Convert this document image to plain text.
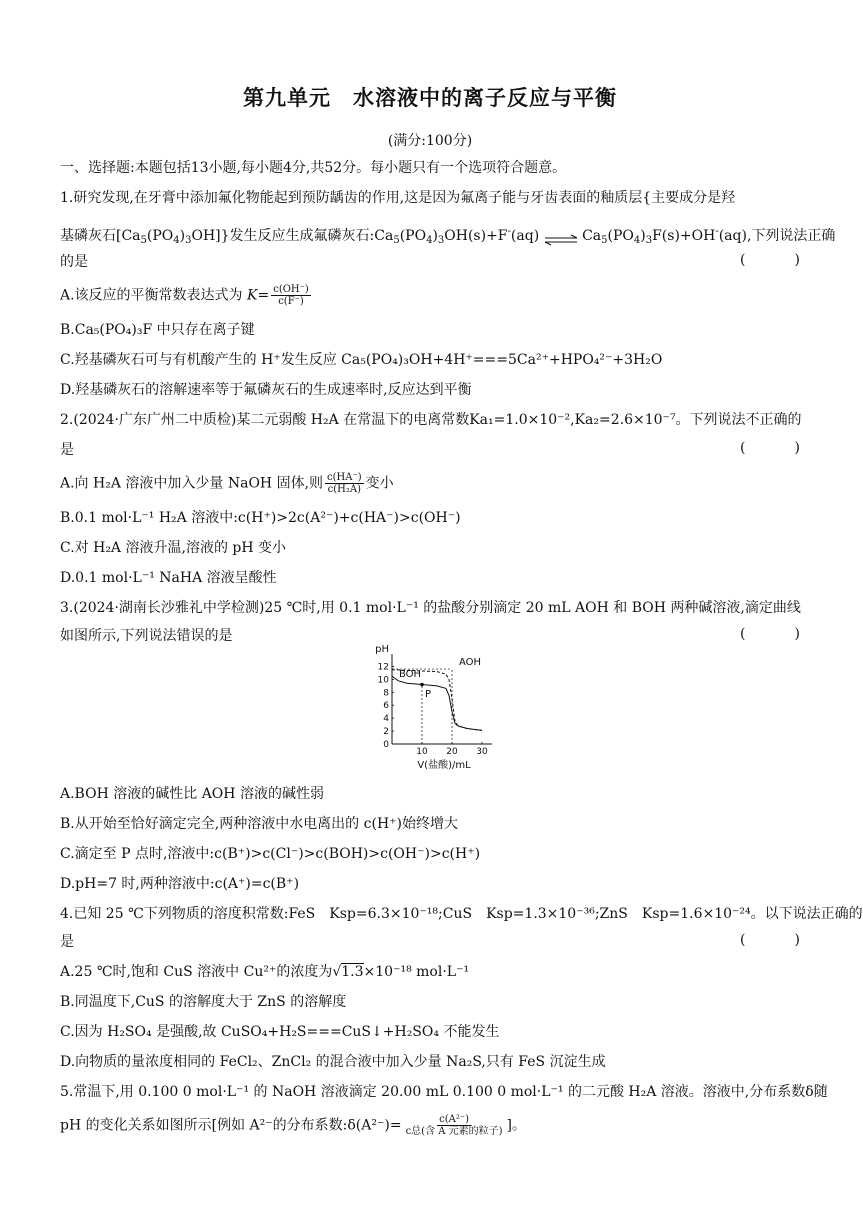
第九单元　水溶液中的离子反应与平衡
(满分:100分)
一、选择题:本题包括13小题,每小题4分,共52分。每小题只有一个选项符合题意。
1.研究发现,在牙膏中添加氟化物能起到预防龋齿的作用,这是因为氟离子能与牙齿表面的釉质层{主要成分是羟
基磷灰石$[Ca_5(PO_4)_3OH]$}发生反应生成氟磷灰石$:Ca_5(PO_4)_3OH(s)+F^-(aq)$ ⇌ $Ca_5(PO_4)_3F(s)+OH^-(aq)$,下列说法正确
的是	(	)
A.该反应的平衡常数表达式为 $K= \frac{c(OH^-)}{c(F^-)}$
B.Ca₅(PO₄)₃F 中只存在离子键
C.羟基磷灰石可与有机酸产生的 H⁺发生反应 Ca₅(PO₄)₃OH+4H⁺===5Ca²⁺+HPO₄²⁻+3H₂O
D.羟基磷灰石的溶解速率等于氟磷灰石的生成速率时,反应达到平衡
2.(2024·广东广州二中质检)某二元弱酸 H₂A 在常温下的电离常数Ka₁=1.0×10⁻²,Ka₂=2.6×10⁻⁷。下列说法不正确的
是	(	)
A.向 H₂A 溶液中加入少量 NaOH 固体,则 $\frac{c(HA^-)}{\text{c(H₂A)}}$ 变小
B.0.1 mol·L⁻¹ H₂A 溶液中:c(H⁺)>2c(A²⁻)+c(HA⁻)>c(OH⁻)
C.对 H₂A 溶液升温,溶液的 pH 变小
D.0.1 mol·L⁻¹ NaHA 溶液呈酸性
3.(2024·湖南长沙雅礼中学检测)25 ℃时,用 0.1 mol·L⁻¹ 的盐酸分别滴定 20 mL AOH 和 BOH 两种碱溶液,滴定曲线
如图所示,下列说法错误的是	(	)
pH
0
2
4
6
8
10
12
10 20 30
V(盐酸)/mL
AOH
BOH
P
A.BOH 溶液的碱性比 AOH 溶液的碱性弱
B.从开始至恰好滴定完全,两种溶液中水电离出的 c(H⁺)始终增大
C.滴定至 P 点时,溶液中:c(B⁺)>c(Cl⁻)>c(BOH)>c(OH⁻)>c(H⁺)
D.pH=7 时,两种溶液中:c(A⁺)=c(B⁺)
4.已知 25 ℃下列物质的溶度积常数:FeS　Ksp=6.3×10⁻¹⁸;CuS　Ksp=1.3×10⁻³⁶;ZnS　Ksp=1.6×10⁻²⁴。以下说法正确的
是	(	)
A.25 ℃时,饱和 CuS 溶液中 Cu²⁺的浓度为√1.3×10⁻¹⁸ mol·L⁻¹
B.同温度下,CuS 的溶解度大于 ZnS 的溶解度
C.因为 H₂SO₄ 是强酸,故 CuSO₄+H₂S===CuS↓+H₂SO₄ 不能发生
D.向物质的量浓度相同的 FeCl₂、ZnCl₂ 的混合液中加入少量 Na₂S,只有 FeS 沉淀生成
5.常温下,用 0.100 0 mol·L⁻¹ 的 NaOH 溶液滴定 20.00 mL 0.100 0 mol·L⁻¹ 的二元酸 H₂A 溶液。溶液中,分布系数δ随
pH 的变化关系如图所示[例如 A²⁻的分布系数:δ(A²⁻)= $\frac{\text{c(A²⁻)}}{\text{c总(含 A 元素的粒子)}}$ ]。
